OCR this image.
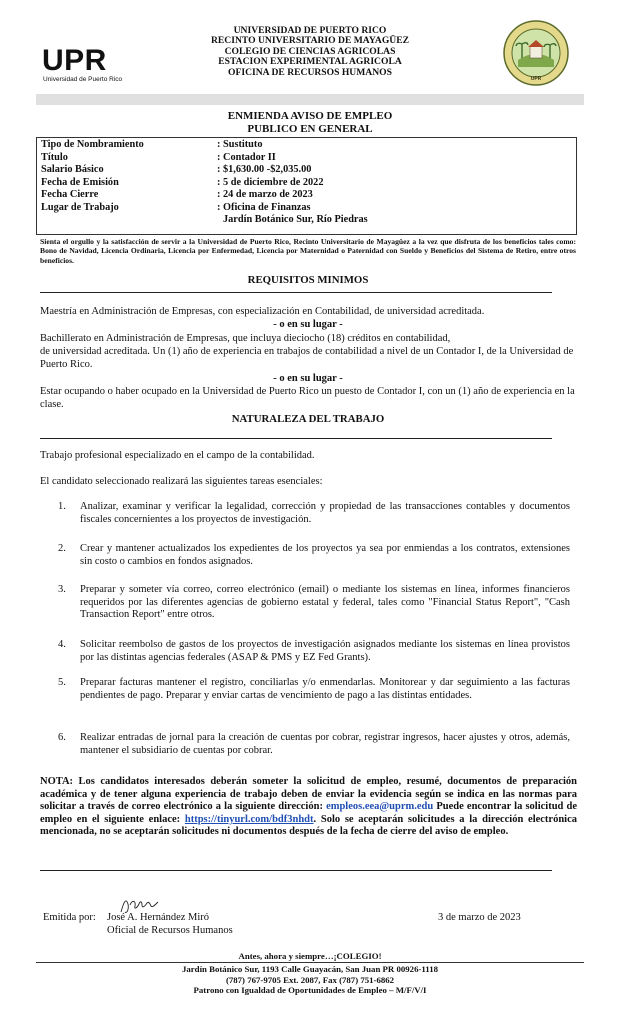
UPR
Universidad de Puerto Rico
UNIVERSIDAD DE PUERTO RICO
RECINTO UNIVERSITARIO DE MAYAGÜEZ
COLEGIO DE CIENCIAS AGRICOLAS
ESTACION EXPERIMENTAL AGRICOLA
OFICINA DE RECURSOS HUMANOS
UPR
ENMIENDA AVISO DE EMPLEO
PUBLICO EN GENERAL
Tipo de Nombramiento	: Sustituto
Título	: Contador II
Salario Básico	: $1,630.00 -$2,035.00
Fecha de Emisión	: 5 de diciembre de 2022
Fecha Cierre	: 24 de marzo de 2023
Lugar de Trabajo	: Oficina de Finanzas
Jardín Botánico Sur, Río Piedras
Sienta el orgullo y la satisfacción de servir a la Universidad de Puerto Rico, Recinto Universitario de Mayagüez a la vez que disfruta de los beneficios tales como: Bono de Navidad, Licencia Ordinaria, Licencia por Enfermedad, Licencia por Maternidad o Paternidad con Sueldo y Beneficios del Sistema de Retiro, entre otros beneficios.
REQUISITOS MINIMOS
Maestría en Administración de Empresas, con especialización en Contabilidad, de universidad acreditada.
- o en su lugar -
Bachillerato en Administración de Empresas, que incluya dieciocho (18) créditos en contabilidad,
de universidad acreditada. Un (1) año de experiencia en trabajos de contabilidad a nivel de un Contador I, de la Universidad de Puerto Rico.
- o en su lugar -
Estar ocupando o haber ocupado en la Universidad de Puerto Rico un puesto de Contador I, con un (1) año de experiencia en la clase.
NATURALEZA DEL TRABAJO
Trabajo profesional especializado en el campo de la contabilidad.
El candidato seleccionado realizará las siguientes tareas esenciales:
1.	Analizar, examinar y verificar la legalidad, corrección y propiedad de las transacciones contables y documentos fiscales concernientes a los proyectos de investigación.
2.	Crear y mantener actualizados los expedientes de los proyectos ya sea por enmiendas a los contratos, extensiones sin costo o cambios en fondos asignados.
3.	Preparar y someter vía correo, correo electrónico (email) o mediante los sistemas en línea, informes financieros requeridos por las diferentes agencias de gobierno estatal y federal, tales como "Financial Status Report", "Cash Transaction Report" entre otros.
4.	Solicitar reembolso de gastos de los proyectos de investigación asignados mediante los sistemas en línea provistos por las distintas agencias federales (ASAP & PMS y EZ Fed Grants).
5.	Preparar facturas mantener el registro, conciliarlas y/o enmendarlas. Monitorear y dar seguimiento a las facturas pendientes de pago. Preparar y enviar cartas de vencimiento de pago a las distintas entidades.
6.	Realizar entradas de jornal para la creación de cuentas por cobrar, registrar ingresos, hacer ajustes y otros, además, mantener el subsidiario de cuentas por cobrar.
NOTA: Los candidatos interesados deberán someter la solicitud de empleo, resumé, documentos de preparación académica y de tener alguna experiencia de trabajo deben de enviar la evidencia según se indica en las normas para solicitar a través de correo electrónico a la siguiente dirección: empleos.eea@uprm.edu Puede encontrar la solicitud de empleo en el siguiente enlace: https://tinyurl.com/bdf3nhdt. Solo se aceptarán solicitudes a la dirección electrónica mencionada, no se aceptarán solicitudes ni documentos después de la fecha de cierre del aviso de empleo.
Emitida por: José A. Hernández Miró
Oficial de Recursos Humanos
3 de marzo de 2023
Antes, ahora y siempre…¡COLEGIO!
Jardín Botánico Sur, 1193 Calle Guayacán, San Juan PR 00926-1118
(787) 767-9705 Ext. 2087, Fax (787) 751-6862
Patrono con Igualdad de Oportunidades de Empleo – M/F/V/I
